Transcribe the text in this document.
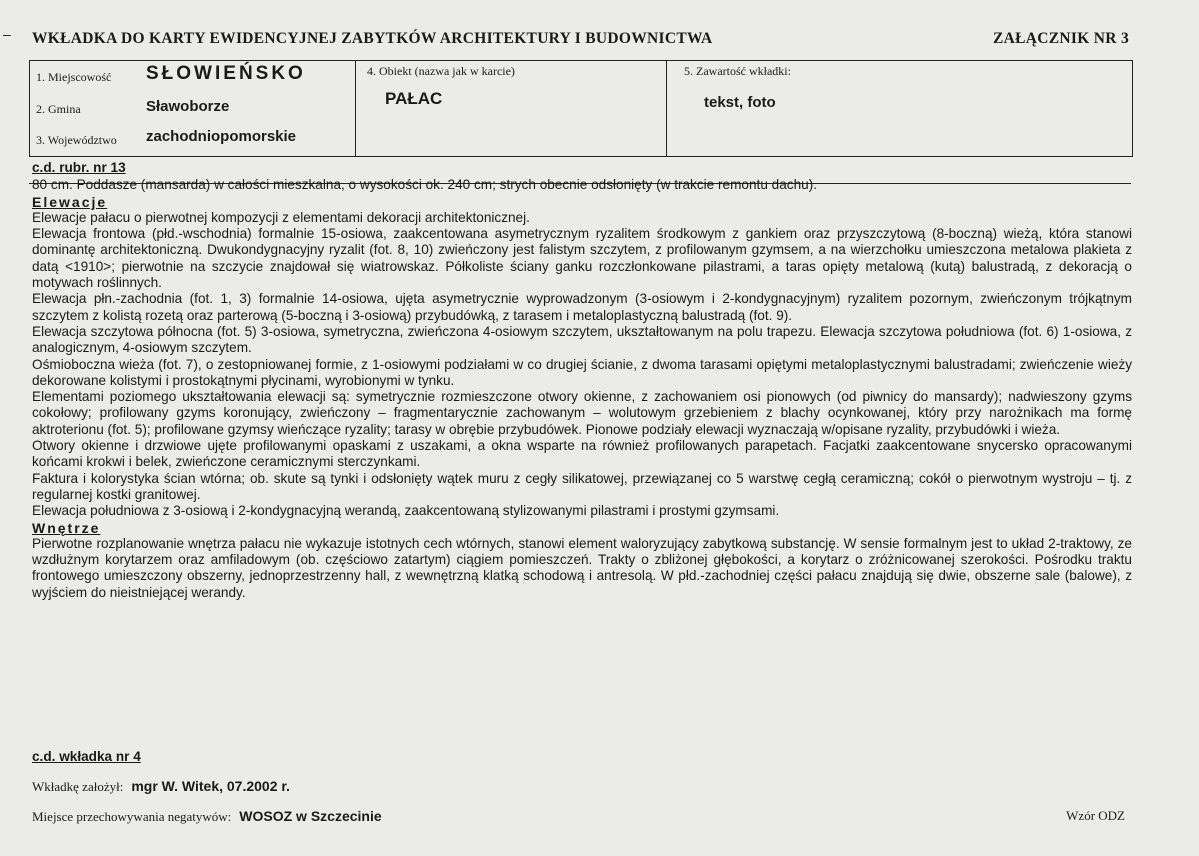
– WKŁADKA DO KARTY EWIDENCYJNEJ ZABYTKÓW ARCHITEKTURY I BUDOWNICTWA	ZAŁĄCZNIK NR 3
1. Miejscowość SŁOWIEŃSKO
2. Gmina	Sławoborze
3. Województwo zachodniopomorskie
4. Obiekt (nazwa jak w karcie)
PAŁAC
5. Zawartość wkładki:
tekst, foto

c.d. rubr. nr 13

80 cm. Poddasze (mansarda) w całości mieszkalna, o wysokości ok. 240 cm; strych obecnie odsłonięty (w trakcie remontu dachu).

Elewacje

Elewacje pałacu o pierwotnej kompozycji z elementami dekoracji architektonicznej.

Elewacja frontowa (płd.-wschodnia) formalnie 15-osiowa, zaakcentowana asymetrycznym ryzalitem środkowym z gankiem oraz przyszczytową (8-boczną) wieżą, która stanowi dominantę architektoniczną. Dwukondygnacyjny ryzalit (fot. 8, 10) zwieńczony jest falistym szczytem, z profilowanym gzymsem, a na wierzchołku umieszczona metalowa plakieta z datą <1910>; pierwotnie na szczycie znajdował się wiatrowskaz. Półkoliste ściany ganku rozczłonkowane pilastrami, a taras opięty metalową (kutą) balustradą, z dekoracją o motywach roślinnych.

Elewacja płn.-zachodnia (fot. 1, 3) formalnie 14-osiowa, ujęta asymetrycznie wyprowadzonym (3-osiowym i 2-kondygnacyjnym) ryzalitem pozornym, zwieńczonym trójkątnym szczytem z kolistą rozetą oraz parterową (5-boczną i 3-osiową) przybudówką, z tarasem i metaloplastyczną balustradą (fot. 9).

Elewacja szczytowa północna (fot. 5) 3-osiowa, symetryczna, zwieńczona 4-osiowym szczytem, ukształtowanym na polu trapezu. Elewacja szczytowa południowa (fot. 6) 1-osiowa, z analogicznym, 4-osiowym szczytem.

Ośmioboczna wieża (fot. 7), o zestopniowanej formie, z 1-osiowymi podziałami w co drugiej ścianie, z dwoma tarasami opiętymi metaloplastycznymi balustradami; zwieńczenie wieży dekorowane kolistymi i prostokątnymi płycinami, wyrobionymi w tynku.

Elementami poziomego ukształtowania elewacji są: symetrycznie rozmieszczone otwory okienne, z zachowaniem osi pionowych (od piwnicy do mansardy); nadwieszony gzyms cokołowy; profilowany gzyms koronujący, zwieńczony – fragmentarycznie zachowanym – wolutowym grzebieniem z blachy ocynkowanej, który przy narożnikach ma formę aktroterionu (fot. 5); profilowane gzymsy wieńczące ryzality; tarasy w obrębie przybudówek. Pionowe podziały elewacji wyznaczają w/opisane ryzality, przybudówki i wieża.

Otwory okienne i drzwiowe ujęte profilowanymi opaskami z uszakami, a okna wsparte na również profilowanych parapetach. Facjatki zaakcentowane snycersko opracowanymi końcami krokwi i belek, zwieńczone ceramicznymi sterczynkami.

Faktura i kolorystyka ścian wtórna; ob. skute są tynki i odsłonięty wątek muru z cegły silikatowej, przewiązanej co 5 warstwę cegłą ceramiczną; cokół o pierwotnym wystroju – tj. z regularnej kostki granitowej.

Elewacja południowa z 3-osiową i 2-kondygnacyjną werandą, zaakcentowaną stylizowanymi pilastrami i prostymi gzymsami.

Wnętrze

Pierwotne rozplanowanie wnętrza pałacu nie wykazuje istotnych cech wtórnych, stanowi element waloryzujący zabytkową substancję. W sensie formalnym jest to układ 2-traktowy, ze wzdłużnym korytarzem oraz amfiladowym (ob. częściowo zatartym) ciągiem pomieszczeń. Trakty o zbliżonej głębokości, a korytarz o zróżnicowanej szerokości. Pośrodku traktu frontowego umieszczony obszerny, jednoprzestrzenny hall, z wewnętrzną klatką schodową i antresolą. W płd.-zachodniej części pałacu znajdują się dwie, obszerne sale (balowe), z wyjściem do nieistniejącej werandy.

c.d. wkładka nr 4
Wkładkę założył: mgr W. Witek, 07.2002 r.
Miejsce przechowywania negatywów: WOSOZ w Szczecinie	Wzór ODZ
